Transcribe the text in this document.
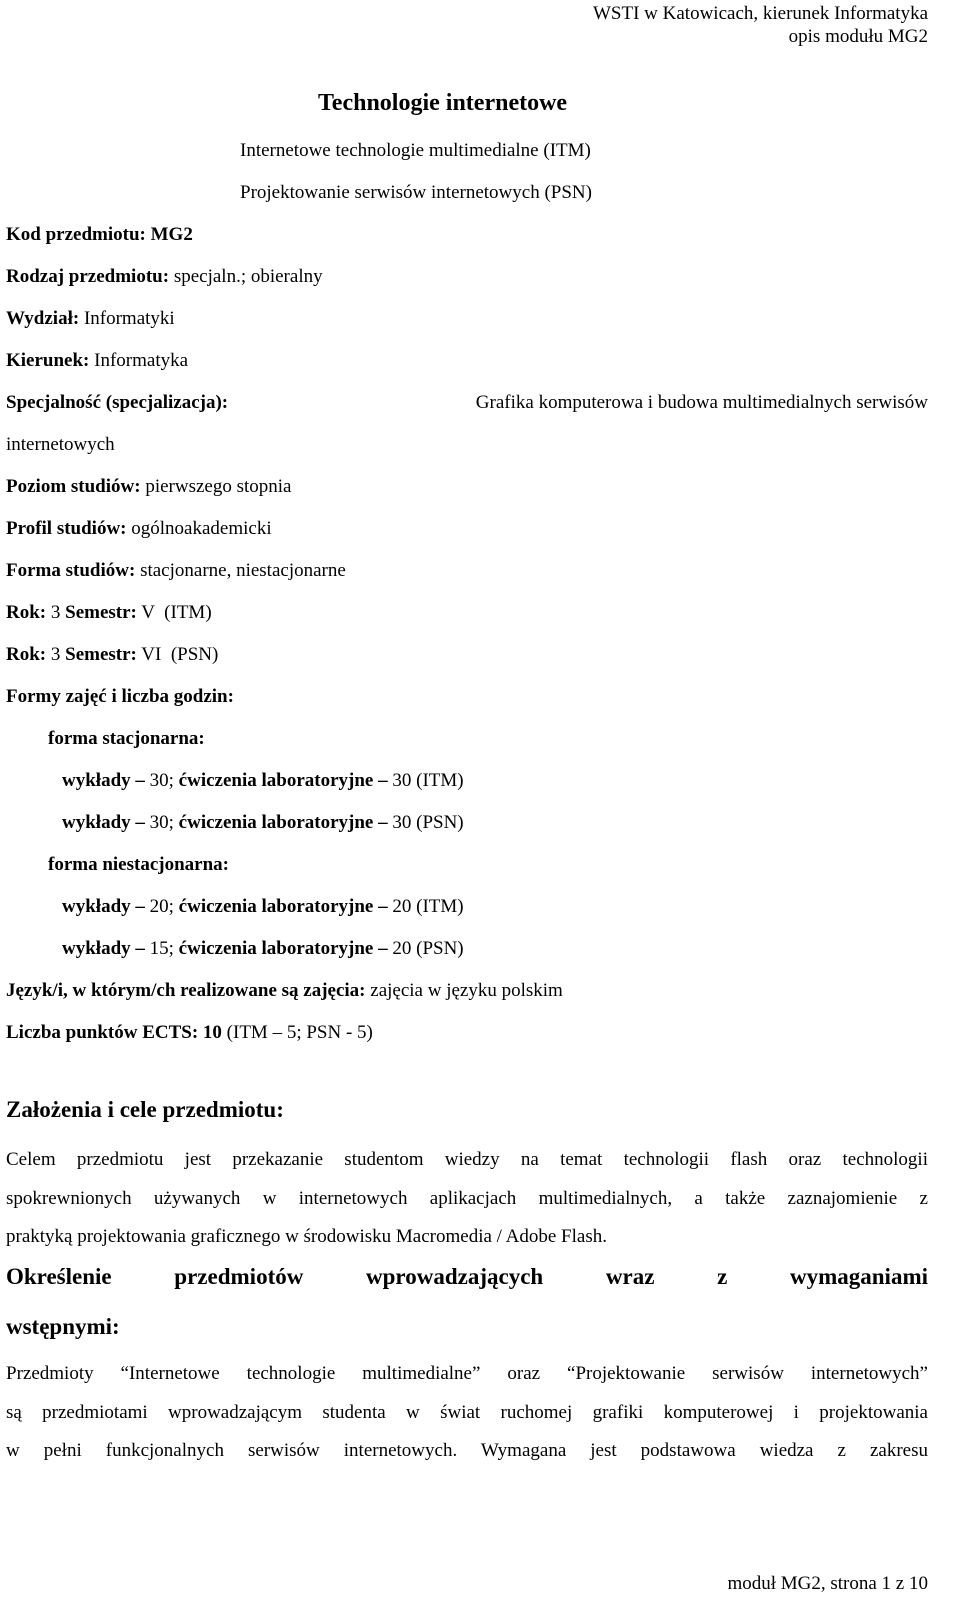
WSTI w Katowicach, kierunek Informatyka
opis modułu MG2
Technologie internetowe
Internetowe technologie multimedialne (ITM)
Projektowanie serwisów internetowych (PSN)
Kod przedmiotu: MG2
Rodzaj przedmiotu: specjaln.; obieralny
Wydział: Informatyki
Kierunek: Informatyka
Specjalność (specjalizacja):	Grafika komputerowa i budowa multimedialnych serwisów
internetowych
Poziom studiów: pierwszego stopnia
Profil studiów: ogólnoakademicki
Forma studiów: stacjonarne, niestacjonarne
Rok: 3 Semestr: V  (ITM)
Rok: 3 Semestr: VI  (PSN)
Formy zajęć i liczba godzin:
forma stacjonarna:
wykłady – 30; ćwiczenia laboratoryjne – 30 (ITM)
wykłady – 30; ćwiczenia laboratoryjne – 30 (PSN)
forma niestacjonarna:
wykłady – 20; ćwiczenia laboratoryjne – 20 (ITM)
wykłady – 15; ćwiczenia laboratoryjne – 20 (PSN)
Język/i, w którym/ch realizowane są zajęcia: zajęcia w języku polskim
Liczba punktów ECTS: 10 (ITM – 5; PSN - 5)
Założenia i cele przedmiotu:
Celem przedmiotu jest przekazanie studentom wiedzy na temat technologii flash oraz technologii
spokrewnionych używanych w internetowych aplikacjach multimedialnych, a także zaznajomienie z
praktyką projektowania graficznego w środowisku Macromedia / Adobe Flash.
Określenie przedmiotów wprowadzających wraz z wymaganiami
wstępnymi:
Przedmioty “Internetowe technologie multimedialne” oraz “Projektowanie serwisów internetowych”
są przedmiotami wprowadzającym studenta w świat ruchomej grafiki komputerowej i projektowania
w pełni funkcjonalnych serwisów internetowych. Wymagana jest podstawowa wiedza z zakresu
moduł MG2, strona 1 z 10
